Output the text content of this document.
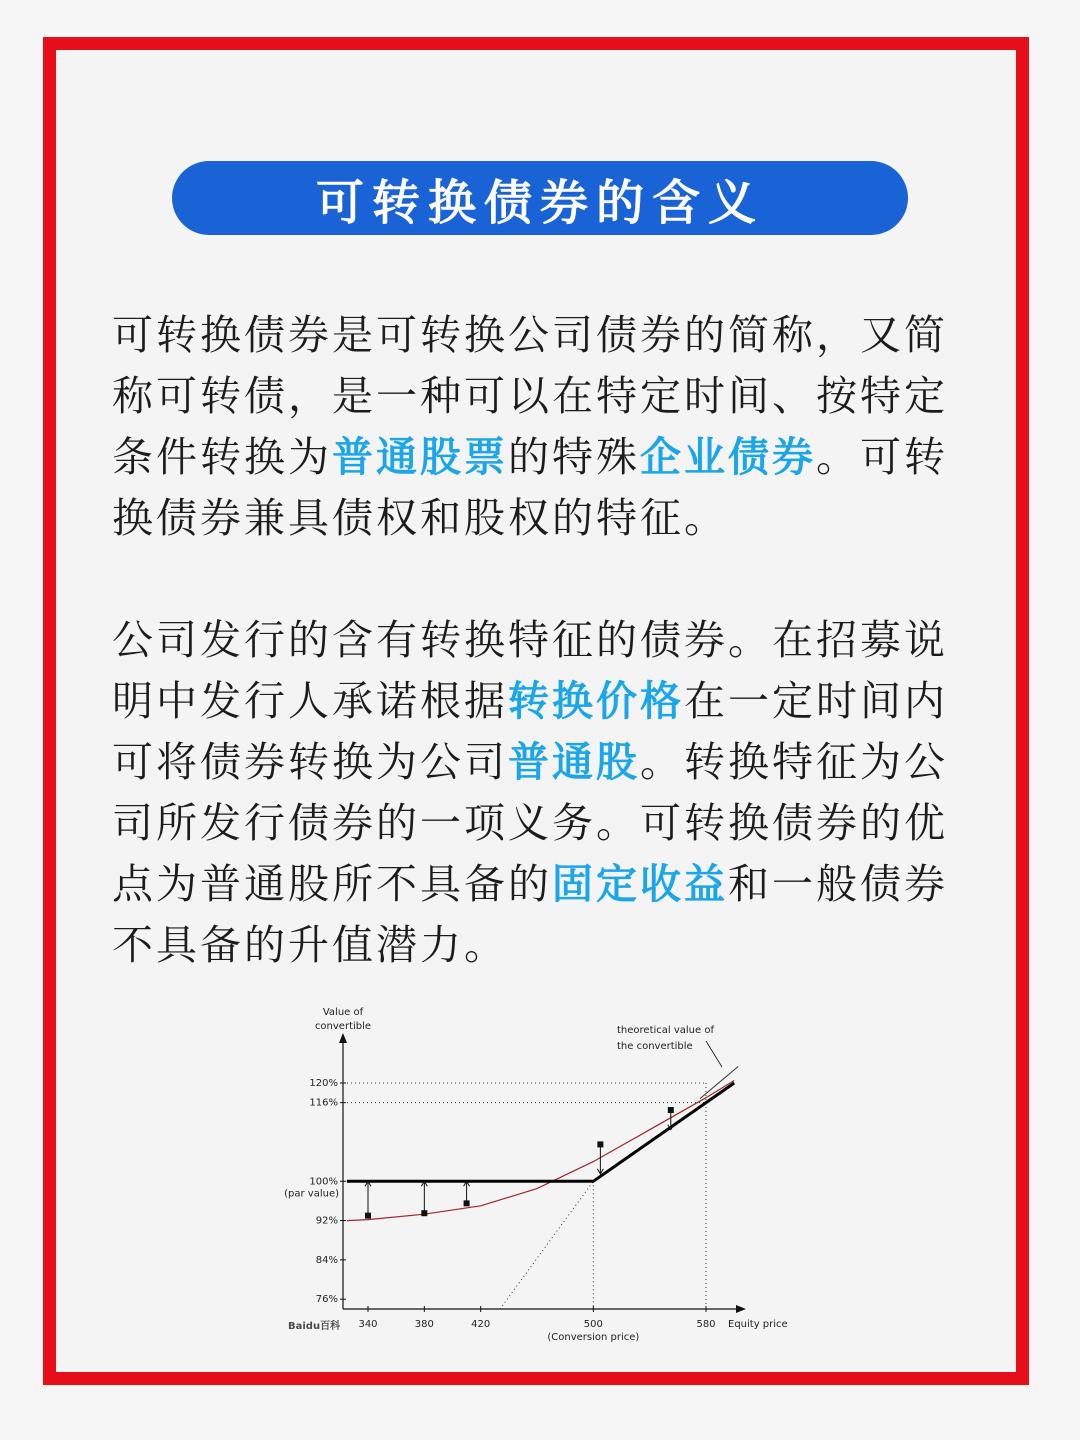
可转换债券的含义
可转换债券是可转换公司债券的简称，又简称可转债，是一种可以在特定时间、按特定条件转换为普通股票的特殊企业债券。可转换债券兼具债权和股权的特征。
公司发行的含有转换特征的债券。在招募说明中发行人承诺根据转换价格在一定时间内可将债券转换为公司普通股。转换特征为公司所发行债券的一项义务。可转换债券的优点为普通股所不具备的固定收益和一般债券不具备的升值潜力。
120%
116%
100%
92%
84%
76%
(par value)
340	380	420	500	580
(Conversion price)
Equity price
Value of
convertible	theoretical value of
the convertible
Baidu百科
